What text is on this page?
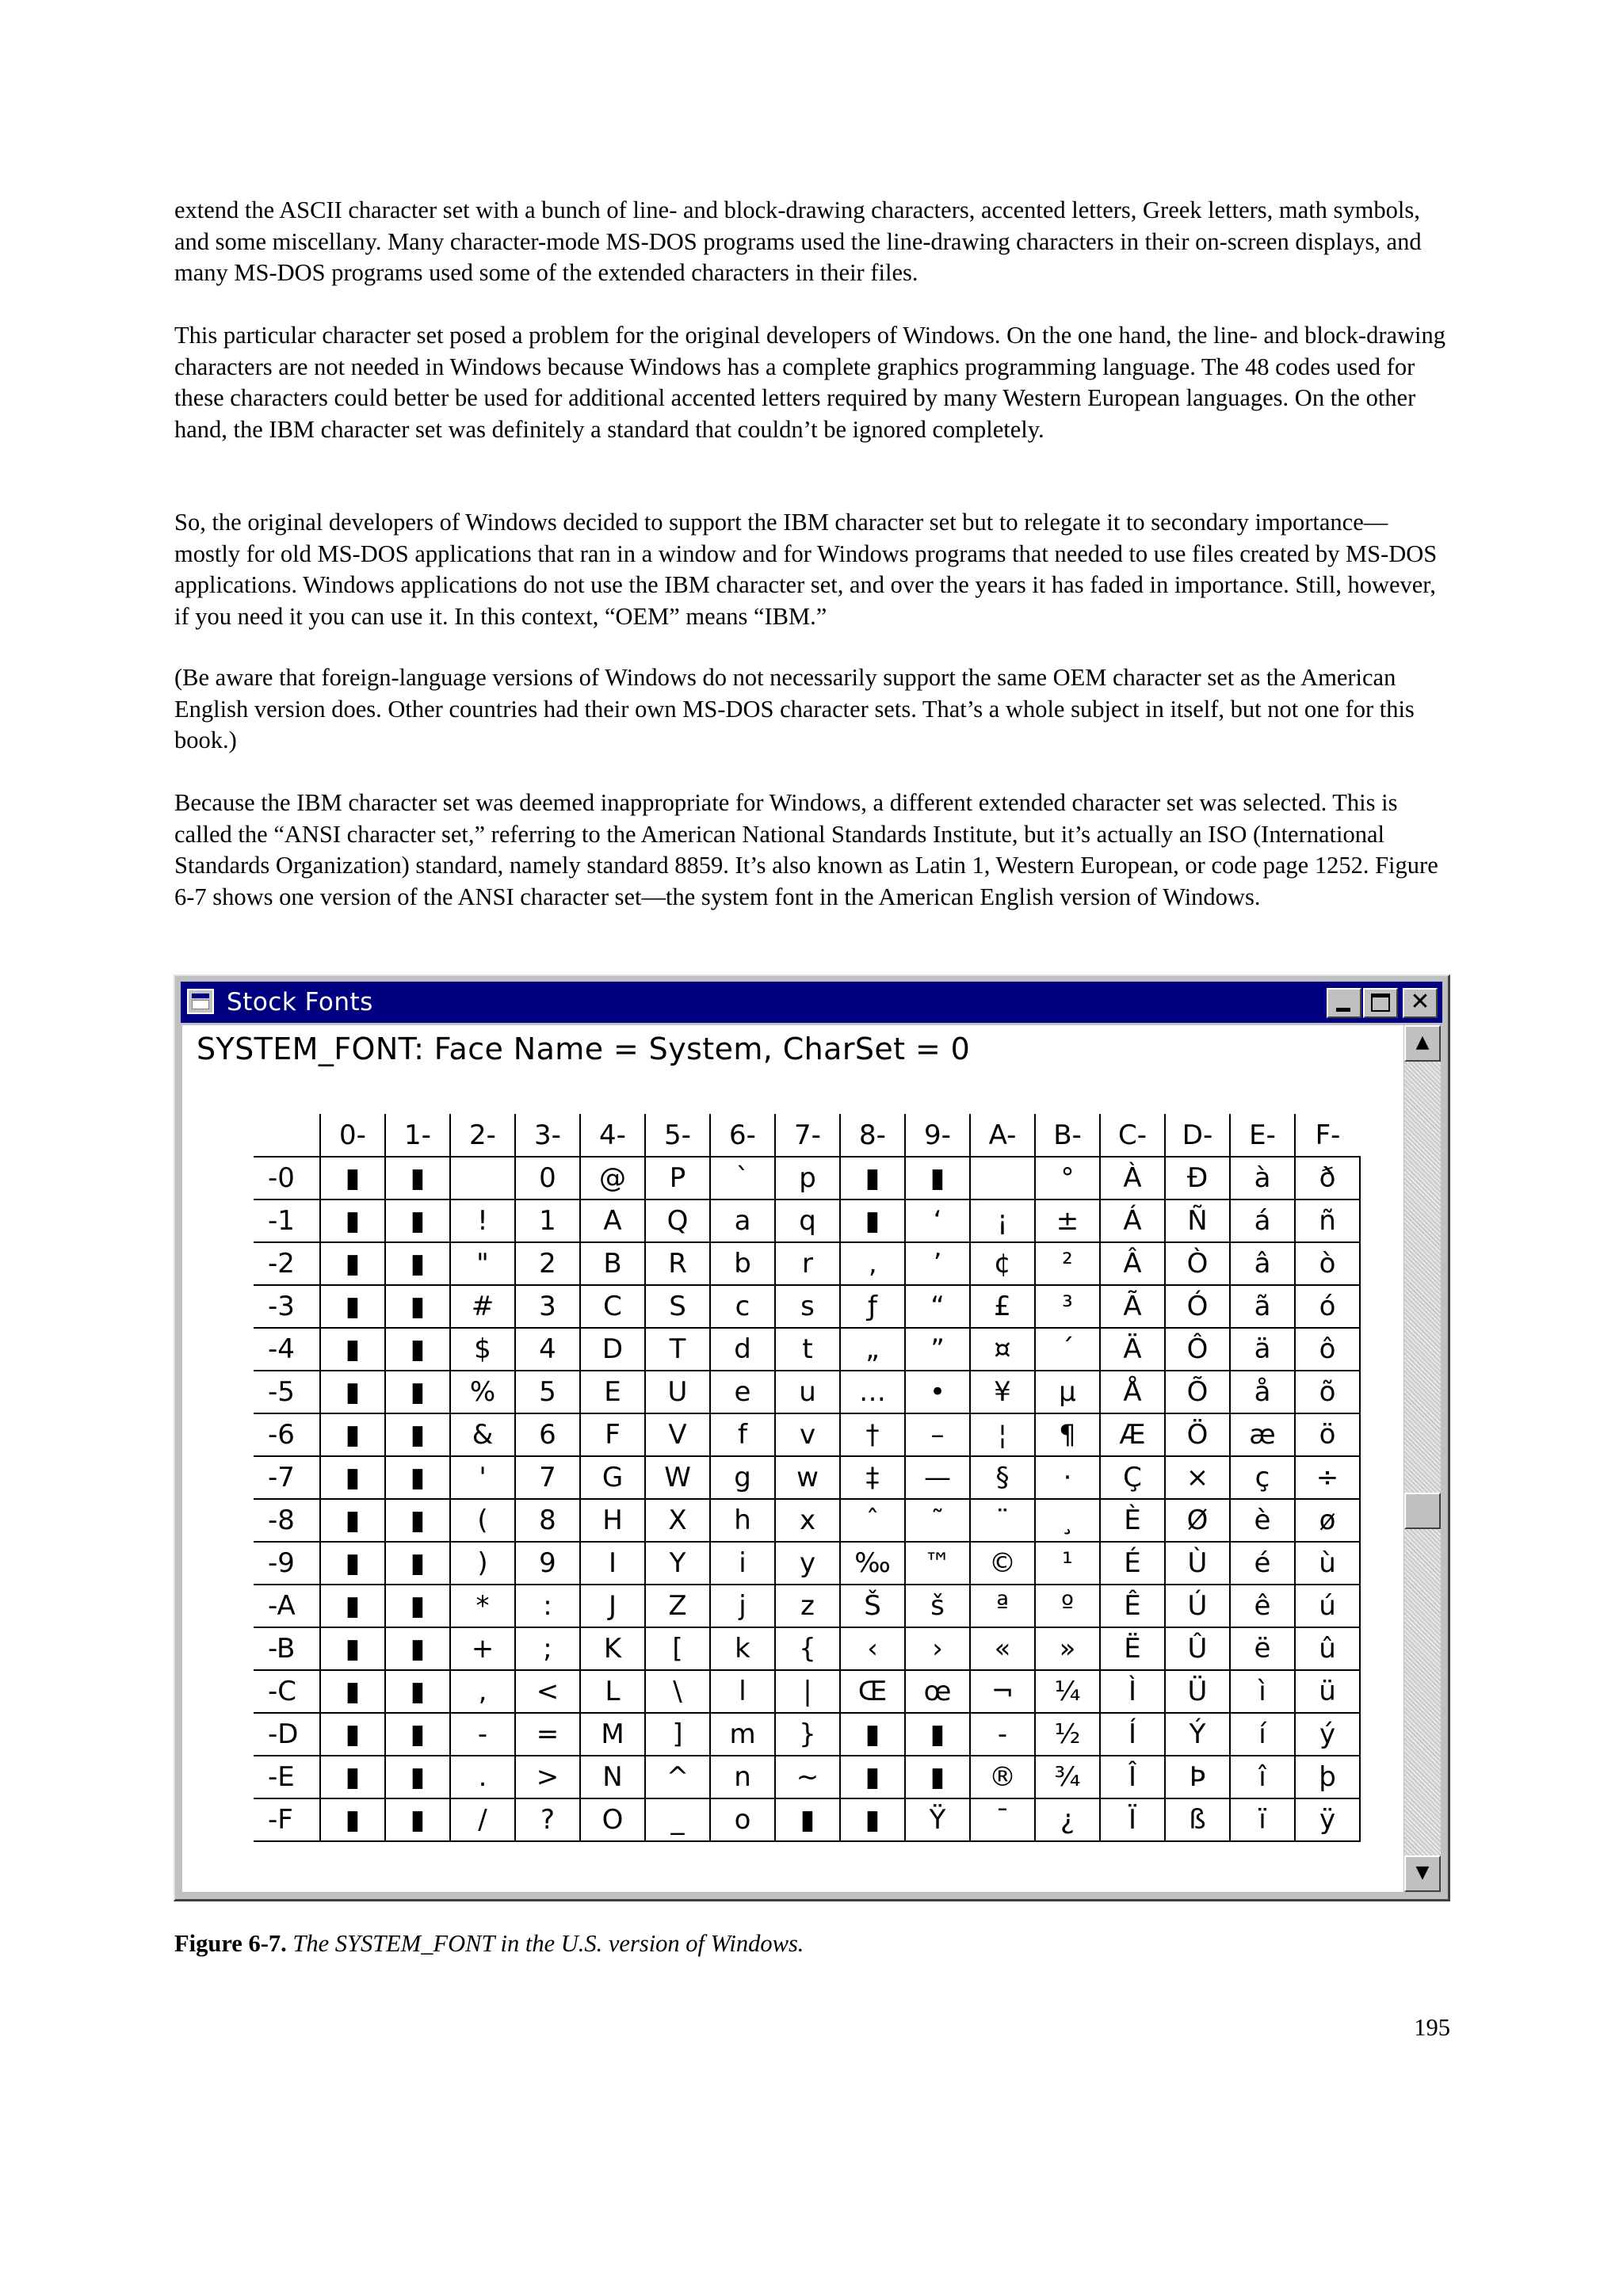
extend the ASCII character set with a bunch of line- and block-drawing characters, accented letters, Greek letters, math symbols, and some miscellany. Many character-mode MS-DOS programs used the line-drawing characters in their on-screen displays, and many MS-DOS programs used some of the extended characters in their files.

This particular character set posed a problem for the original developers of Windows. On the one hand, the line- and block-drawing characters are not needed in Windows because Windows has a complete graphics programming language. The 48 codes used for these characters could better be used for additional accented letters required by many Western European languages. On the other hand, the IBM character set was definitely a standard that couldn’t be ignored completely.

So, the original developers of Windows decided to support the IBM character set but to relegate it to secondary importance—mostly for old MS-DOS applications that ran in a window and for Windows programs that needed to use files created by MS-DOS applications. Windows applications do not use the IBM character set, and over the years it has faded in importance. Still, however, if you need it you can use it. In this context, “OEM” means “IBM.”

(Be aware that foreign-language versions of Windows do not necessarily support the same OEM character set as the American English version does. Other countries had their own MS-DOS character sets. That’s a whole subject in itself, but not one for this book.)

Because the IBM character set was deemed inappropriate for Windows, a different extended character set was selected. This is called the “ANSI character set,” referring to the American National Standards Institute, but it’s actually an ISO (International Standards Organization) standard, namely standard 8859. It’s also known as Latin 1, Western European, or code page 1252. Figure 6-7 shows one version of the ANSI character set—the system font in the American English version of Windows.

Stock Fonts	✕
SYSTEM_FONT: Face Name = System, CharSet = 0
	0-	1-	2-	3-	4-	5-	6-	7-	8-	9-	A-	B-	C-	D-	E-	F-
-0	▮	▮		0	@	P	`	p	▮	▮		°	À	Ð	à	ð
-1	▮	▮	!	1	A	Q	a	q	▮	‘	¡	±	Á	Ñ	á	ñ
-2	▮	▮	"	2	B	R	b	r	‚	’	¢	²	Â	Ò	â	ò
-3	▮	▮	#	3	C	S	c	s	ƒ	“	£	³	Ã	Ó	ã	ó
-4	▮	▮	$	4	D	T	d	t	„	”	¤	´	Ä	Ô	ä	ô
-5	▮	▮	%	5	E	U	e	u	…	•	¥	µ	Å	Õ	å	õ
-6	▮	▮	&	6	F	V	f	v	†	–	¦	¶	Æ	Ö	æ	ö
-7	▮	▮	'	7	G	W	g	w	‡	—	§	·	Ç	×	ç	÷
-8	▮	▮	(	8	H	X	h	x	ˆ	˜	¨	¸	È	Ø	è	ø
-9	▮	▮	)	9	I	Y	i	y	‰	™	©	¹	É	Ù	é	ù
-A	▮	▮	*	:	J	Z	j	z	Š	š	ª	º	Ê	Ú	ê	ú
-B	▮	▮	+	;	K	[	k	{	‹	›	«	»	Ë	Û	ë	û
-C	▮	▮	,	<	L	\	l	|	Œ	œ	¬	¼	Ì	Ü	ì	ü
-D	▮	▮	-	=	M	]	m	}	▮	▮	-	½	Í	Ý	í	ý
-E	▮	▮	.	>	N	^	n	~	▮	▮	®	¾	Î	Þ	î	þ
-F	▮	▮	/	?	O	_	o	▮	▮	Ÿ	¯	¿	Ï	ß	ï	ÿ
▲
▼
Figure 6-7. The SYSTEM_FONT in the U.S. version of Windows.
195
